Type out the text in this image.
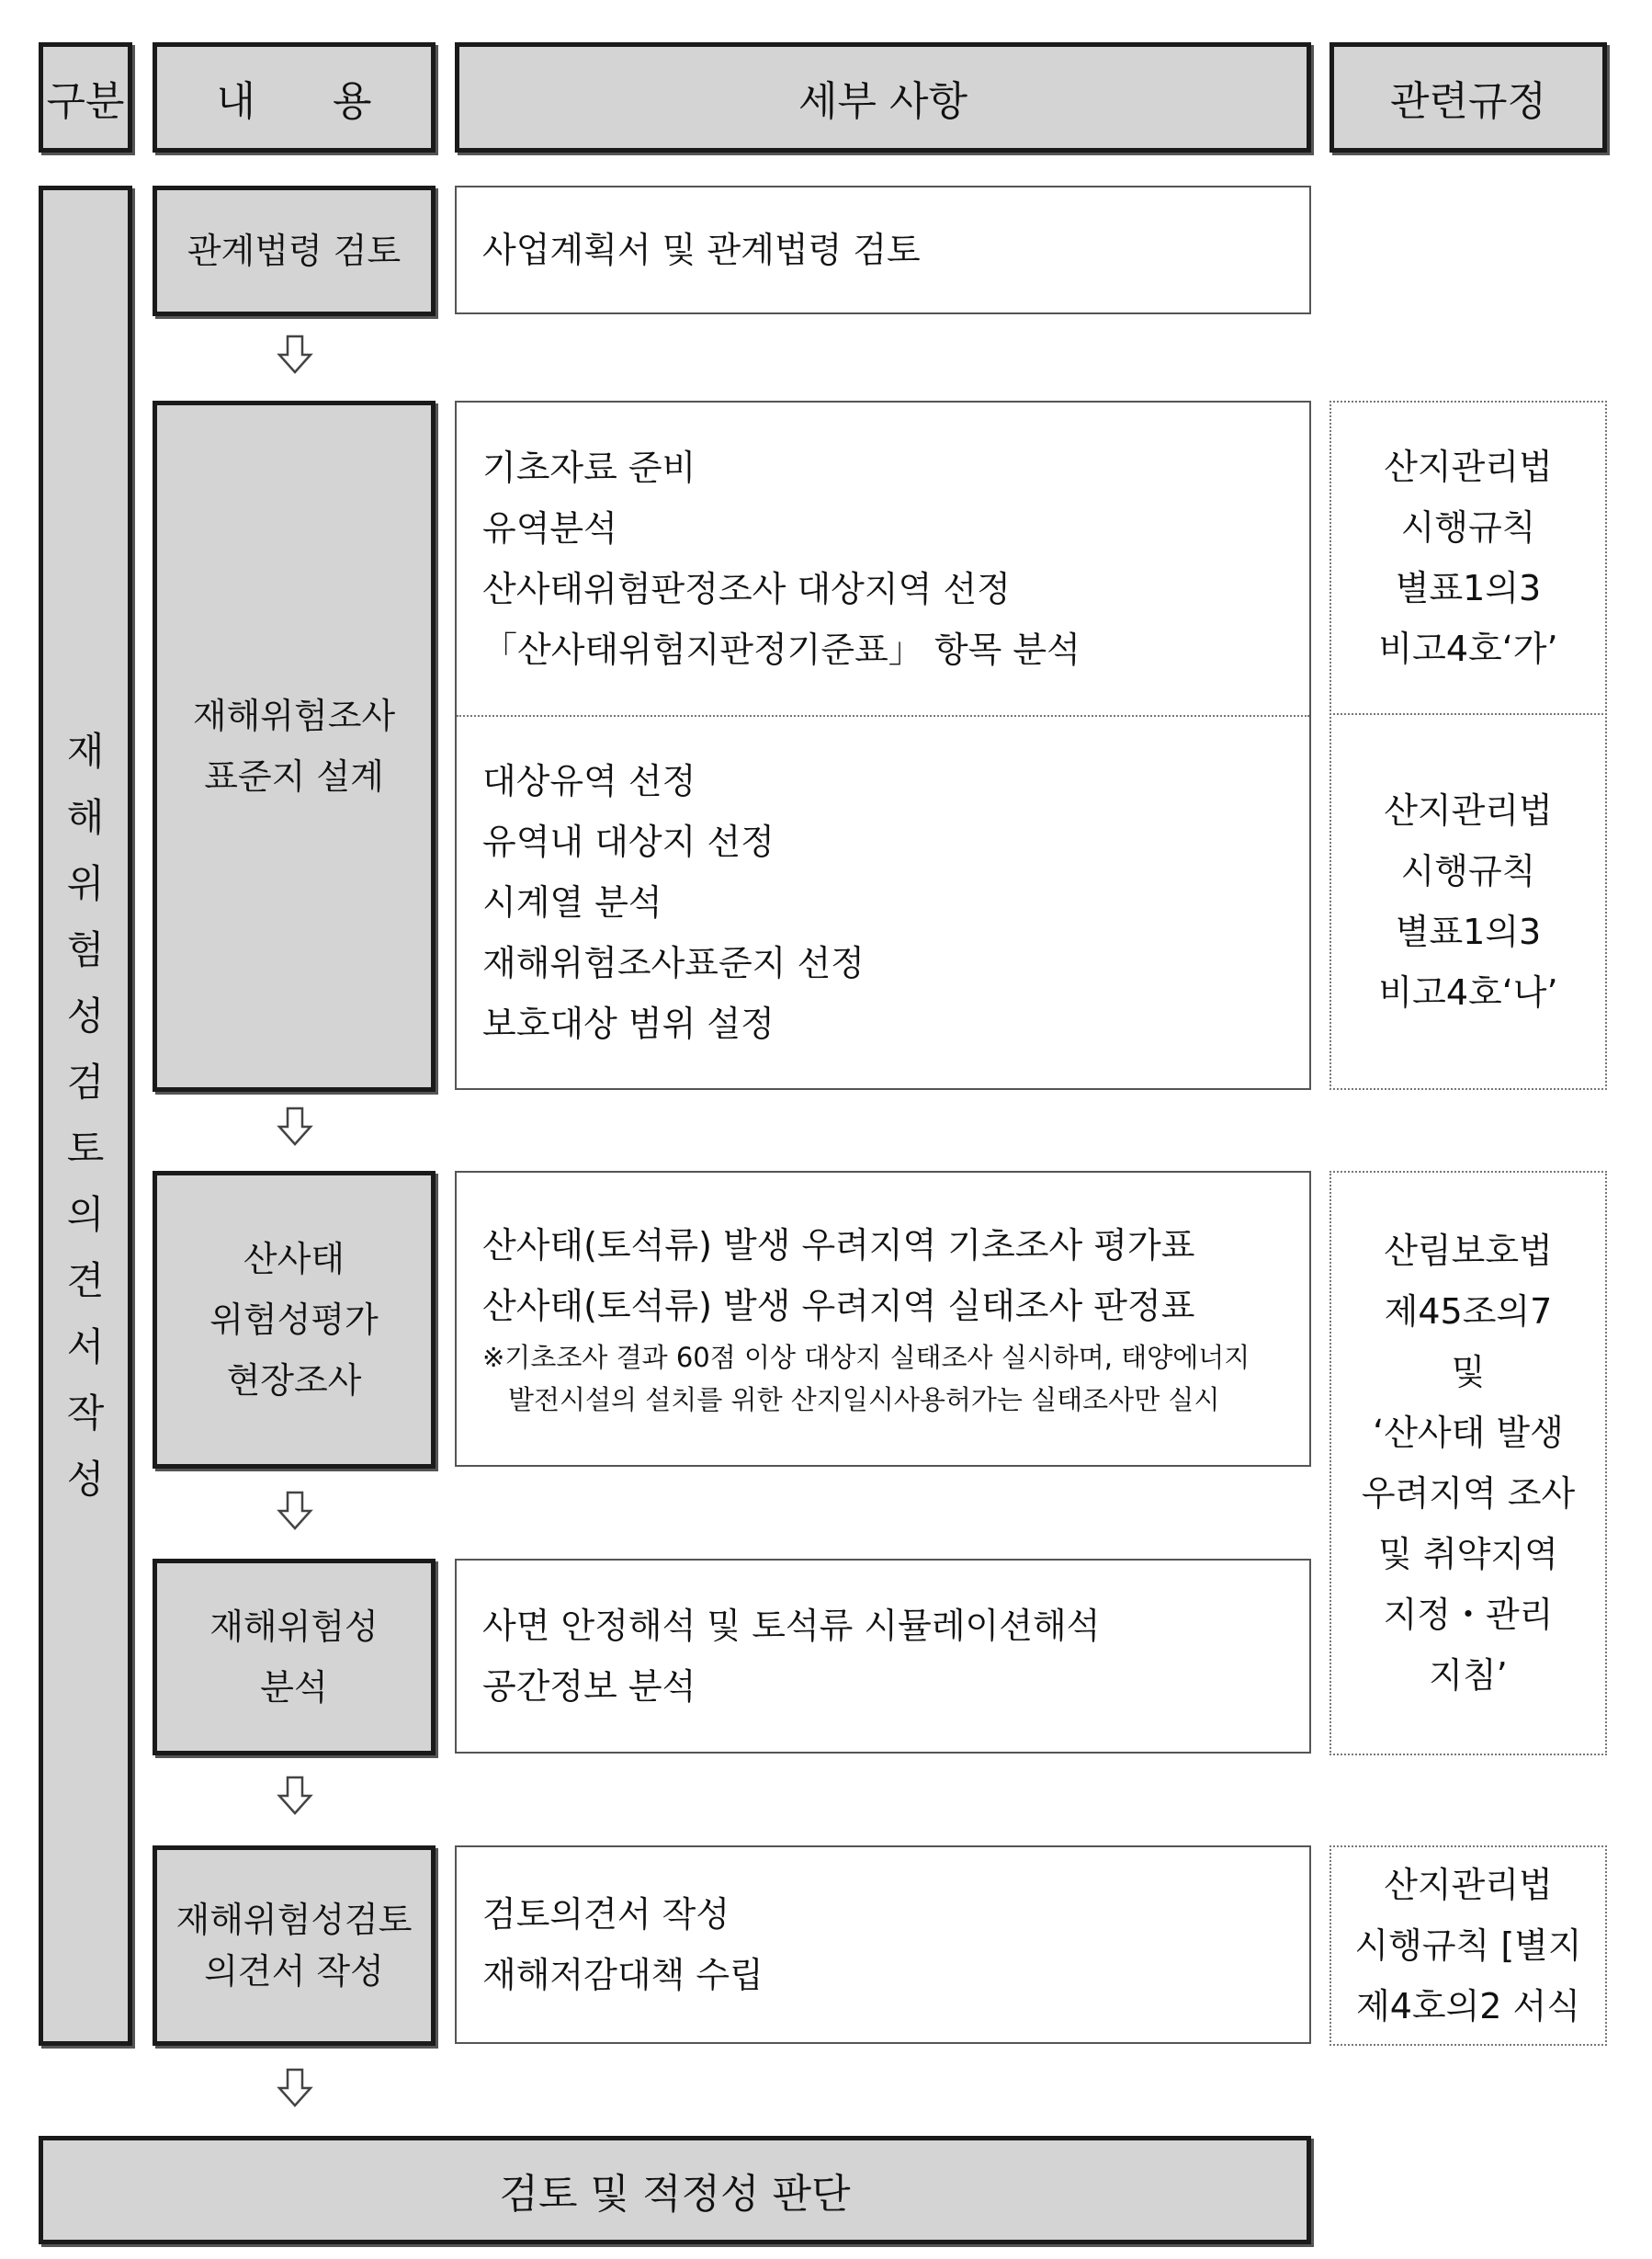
구분 내      용	세부 사항	관련규정
재해위험성검토의견서작성
관계법령 검토 사업계획서 및 관계법령 검토
재해위험조사
표준지 설계
기초자료 준비
유역분석
산사태위험판정조사 대상지역 선정
「산사태위험지판정기준표」 항목 분석
대상유역 선정
유역내 대상지 선정
시계열 분석
재해위험조사표준지 선정
보호대상 범위 설정
산지관리법
시행규칙
별표1의3
비고4호‘가’
산지관리법
시행규칙
별표1의3
비고4호‘나’
산사태
위험성평가
현장조사
산사태(토석류) 발생 우려지역 기초조사 평가표
산사태(토석류) 발생 우려지역 실태조사 판정표
※기초조사 결과 60점 이상 대상지 실태조사 실시하며, 태양에너지
발전시설의 설치를 위한 산지일시사용허가는 실태조사만 실시
산림보호법
제45조의7
및
‘산사태 발생
우려지역 조사
및 취약지역
지정・관리
지침’
재해위험성
분석
사면 안정해석 및 토석류 시뮬레이션해석
공간정보 분석
재해위험성검토
의견서 작성
검토의견서 작성
재해저감대책 수립
산지관리법
시행규칙 [별지
제4호의2 서식
검토 및 적정성 판단
